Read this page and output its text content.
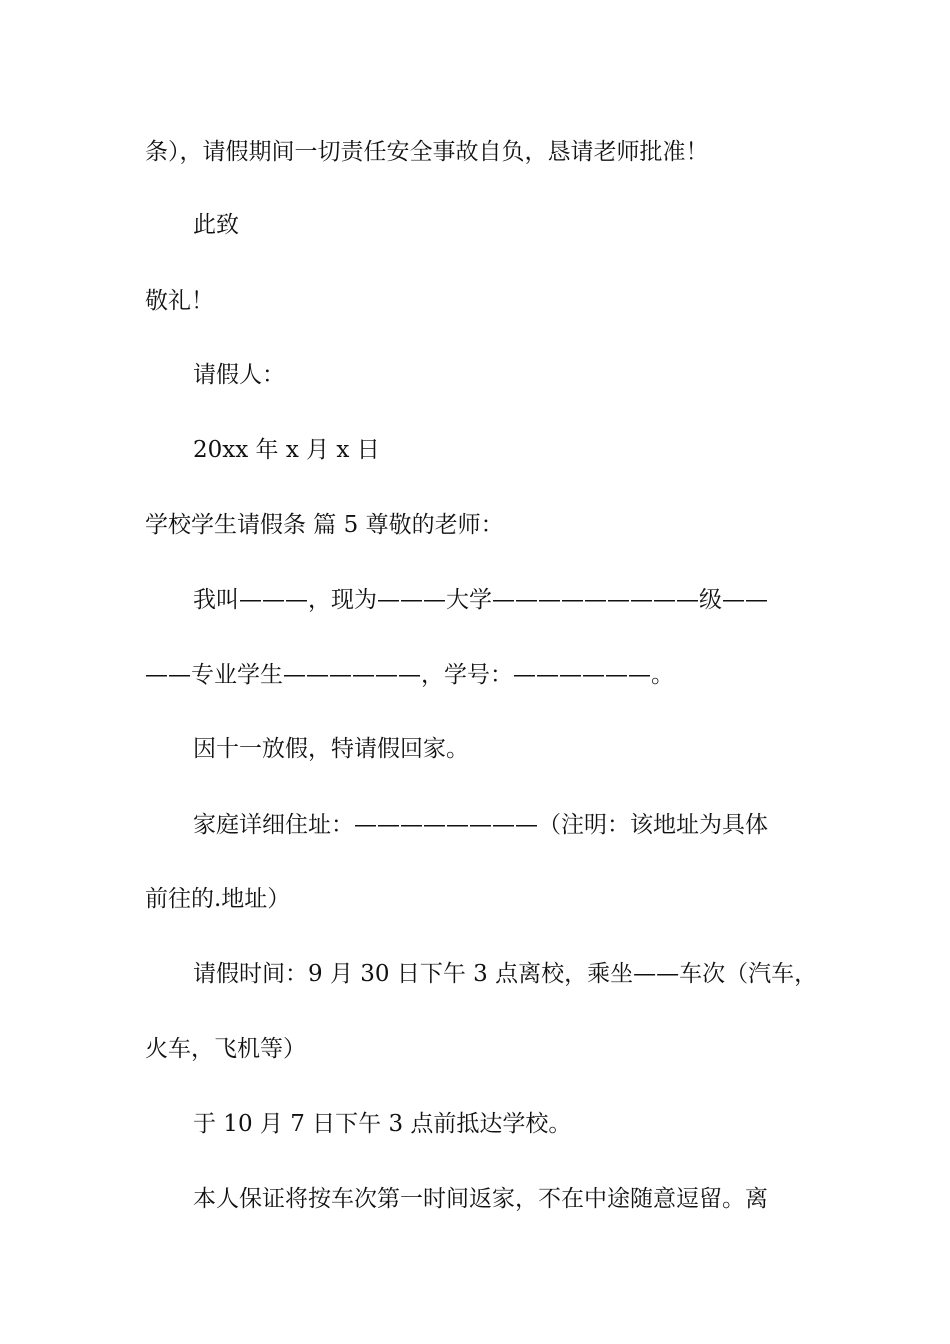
条），请假期间一切责任安全事故自负，恳请老师批准！
此致
敬礼！
请假人：
20xx 年 x 月 x 日
学校学生请假条 篇 5 尊敬的老师：
我叫———，现为———大学—————————级——
——专业学生——————，学号：——————。
因十一放假，特请假回家。
家庭详细住址：————————（注明：该地址为具体
前往的.地址）
请假时间：9 月 30 日下午 3 点离校，乘坐——车次（汽车，
火车，飞机等）
于 10 月 7 日下午 3 点前抵达学校。
本人保证将按车次第一时间返家，不在中途随意逗留。离
